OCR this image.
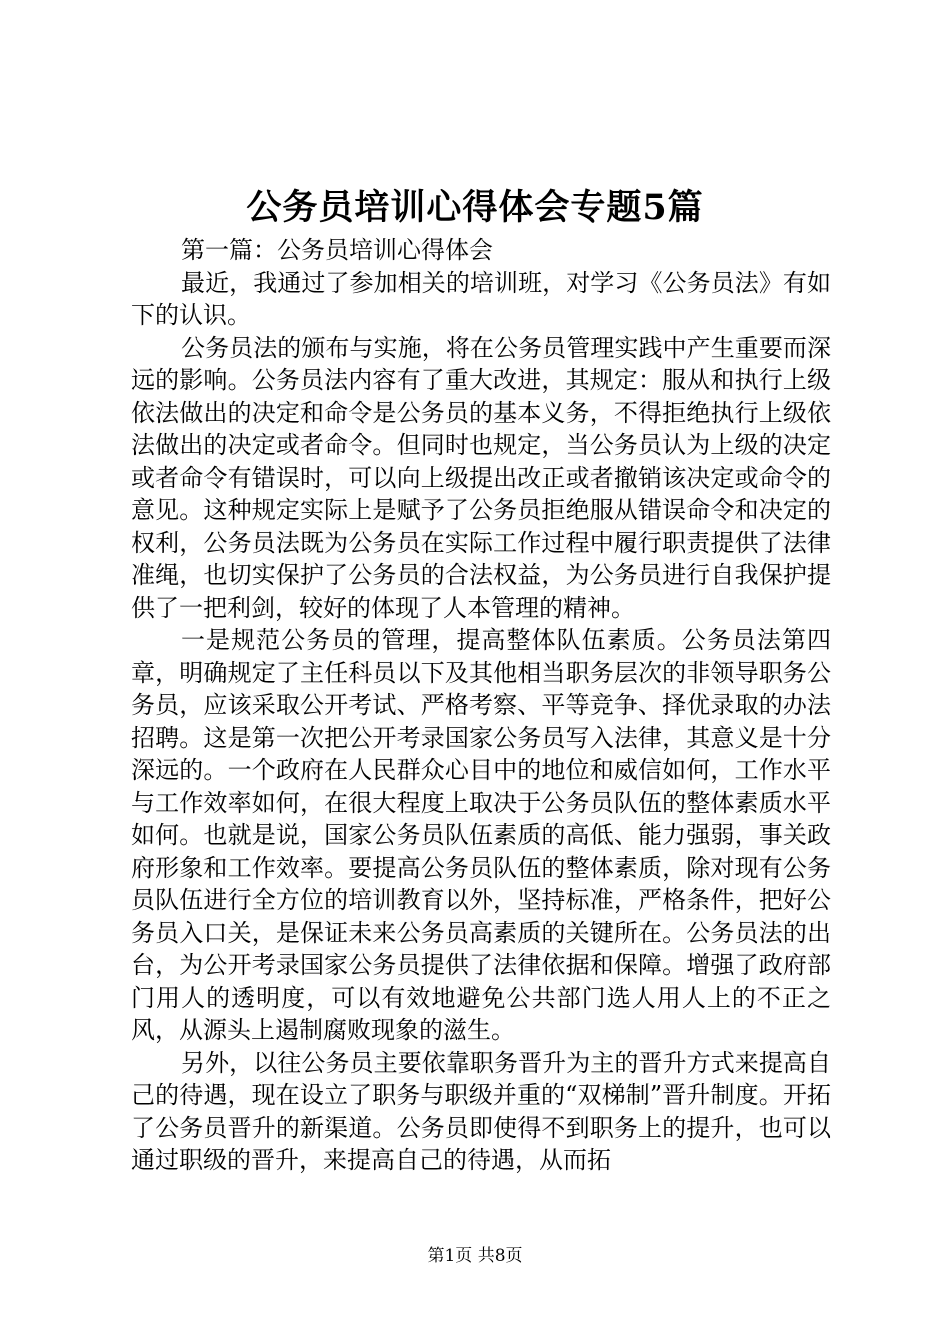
公务员培训心得体会专题5篇

第一篇：公务员培训心得体会

最近，我通过了参加相关的培训班，对学习《公务员法》有如下的认识。

公务员法的颁布与实施，将在公务员管理实践中产生重要而深远的影响。公务员法内容有了重大改进，其规定：服从和执行上级依法做出的决定和命令是公务员的基本义务，不得拒绝执行上级依法做出的决定或者命令。但同时也规定，当公务员认为上级的决定或者命令有错误时，可以向上级提出改正或者撤销该决定或命令的意见。这种规定实际上是赋予了公务员拒绝服从错误命令和决定的权利，公务员法既为公务员在实际工作过程中履行职责提供了法律准绳，也切实保护了公务员的合法权益，为公务员进行自我保护提供了一把利剑，较好的体现了人本管理的精神。

一是规范公务员的管理，提高整体队伍素质。公务员法第四章，明确规定了主任科员以下及其他相当职务层次的非领导职务公务员，应该采取公开考试、严格考察、平等竞争、择优录取的办法招聘。这是第一次把公开考录国家公务员写入法律，其意义是十分深远的。一个政府在人民群众心目中的地位和威信如何，工作水平与工作效率如何，在很大程度上取决于公务员队伍的整体素质水平如何。也就是说，国家公务员队伍素质的高低、能力强弱，事关政府形象和工作效率。要提高公务员队伍的整体素质，除对现有公务员队伍进行全方位的培训教育以外，坚持标准，严格条件，把好公务员入口关，是保证未来公务员高素质的关键所在。公务员法的出台，为公开考录国家公务员提供了法律依据和保障。增强了政府部门用人的透明度，可以有效地避免公共部门选人用人上的不正之风，从源头上遏制腐败现象的滋生。

另外，以往公务员主要依靠职务晋升为主的晋升方式来提高自己的待遇，现在设立了职务与职级并重的“双梯制”晋升制度。开拓了公务员晋升的新渠道。公务员即使得不到职务上的提升，也可以通过职级的晋升，来提高自己的待遇，从而拓

第1页 共8页
